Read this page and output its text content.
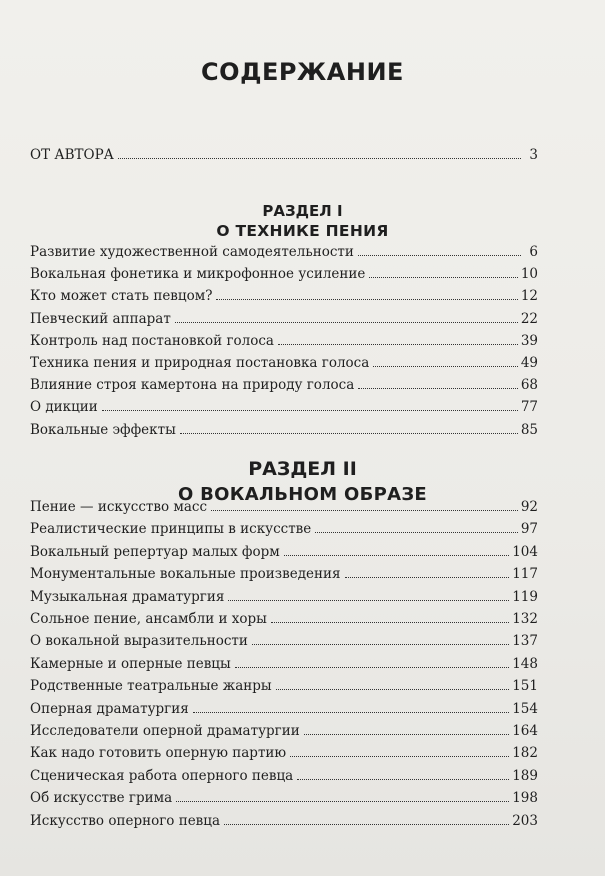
СОДЕРЖАНИЕ
ОТ АВТОРА	3
РАЗДЕЛ I
О ТЕХНИКЕ ПЕНИЯ
Развитие художественной самодеятельности	6
Вокальная фонетика и микрофонное усиление	10
Кто может стать певцом?	12
Певческий аппарат	22
Контроль над постановкой голоса	39
Техника пения и природная постановка голоса	49
Влияние строя камертона на природу голоса	68
О дикции	77
Вокальные эффекты	85
РАЗДЕЛ II
О ВОКАЛЬНОМ ОБРАЗЕ
Пение — искусство масс	92
Реалистические принципы в искусстве	97
Вокальный репертуар малых форм	104
Монументальные вокальные произведения	117
Музыкальная драматургия	119
Сольное пение, ансамбли и хоры	132
О вокальной выразительности	137
Камерные и оперные певцы	148
Родственные театральные жанры	151
Оперная драматургия	154
Исследователи оперной драматургии	164
Как надо готовить оперную партию	182
Сценическая работа оперного певца	189
Об искусстве грима	198
Искусство оперного певца	203
